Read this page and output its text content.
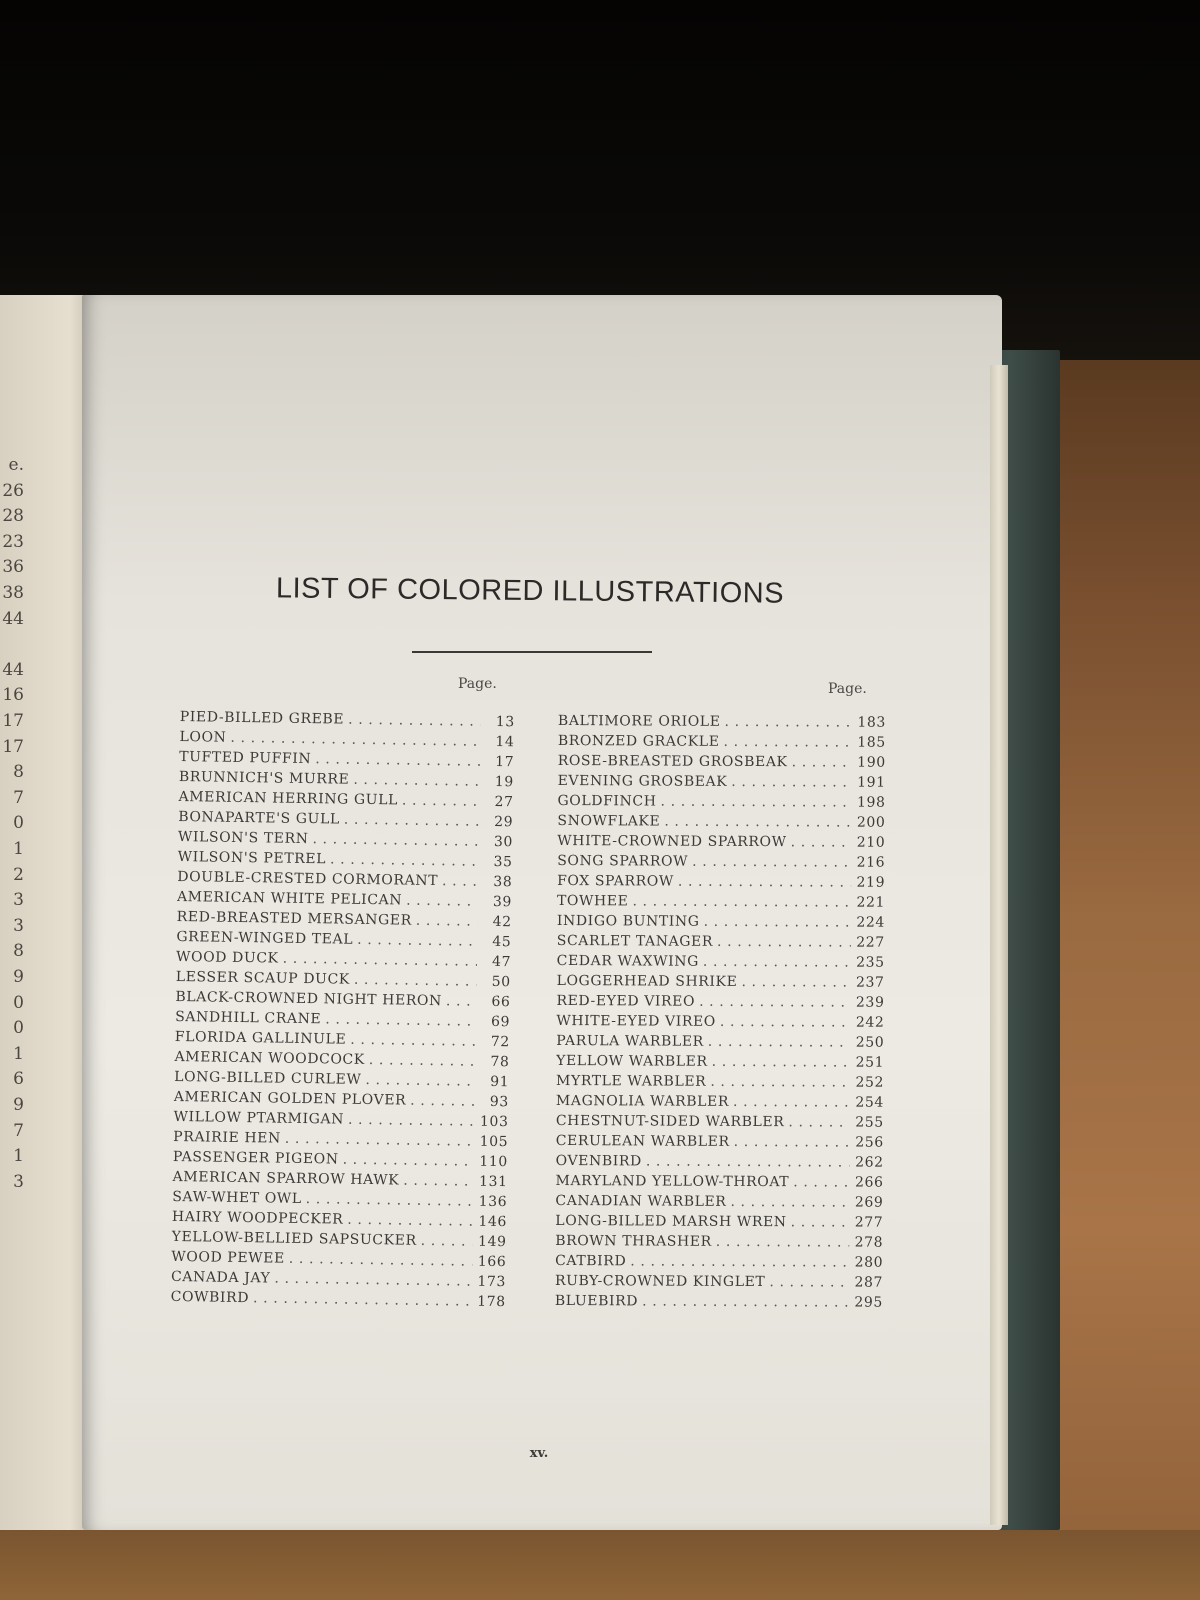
e.
26
28
23
36
38
44
44
16
17
17
8
7
0
1
2
3
3
8
9
0
0
1
6
9
7
1
3
LIST OF COLORED ILLUSTRATIONS
Page.	Page.
PIED-BILLED GREBE . . .	13
LOON . . .	14
TUFTED PUFFIN . . .	17
BRUNNICH'S MURRE . . .	19
AMERICAN HERRING GULL . . .	27
BONAPARTE'S GULL . . .	29
WILSON'S TERN . . .	30
WILSON'S PETREL . . .	35
DOUBLE-CRESTED CORMORANT . . .	38
AMERICAN WHITE PELICAN . . .	39
RED-BREASTED MERSANGER . . .	42
GREEN-WINGED TEAL . . .	45
WOOD DUCK . . .	47
LESSER SCAUP DUCK . . .	50
BLACK-CROWNED NIGHT HERON . . .	66
SANDHILL CRANE . . .	69
FLORIDA GALLINULE . . .	72
AMERICAN WOODCOCK . . .	78
LONG-BILLED CURLEW . . .	91
AMERICAN GOLDEN PLOVER . . .	93
WILLOW PTARMIGAN . . .	103
PRAIRIE HEN . . .	105
PASSENGER PIGEON . . .	110
AMERICAN SPARROW HAWK . . .	131
SAW-WHET OWL . . .	136
HAIRY WOODPECKER . . .	146
YELLOW-BELLIED SAPSUCKER . . .	149
WOOD PEWEE . . .	166
CANADA JAY . . .	173
COWBIRD . . .	178
BALTIMORE ORIOLE . . .	183
BRONZED GRACKLE . . .	185
ROSE-BREASTED GROSBEAK . . .	190
EVENING GROSBEAK . . .	191
GOLDFINCH . . .	198
SNOWFLAKE . . .	200
WHITE-CROWNED SPARROW . . .	210
SONG SPARROW . . .	216
FOX SPARROW . . .	219
TOWHEE . . .	221
INDIGO BUNTING . . .	224
SCARLET TANAGER . . .	227
CEDAR WAXWING . . .	235
LOGGERHEAD SHRIKE . . .	237
RED-EYED VIREO . . .	239
WHITE-EYED VIREO . . .	242
PARULA WARBLER . . .	250
YELLOW WARBLER . . .	251
MYRTLE WARBLER . . .	252
MAGNOLIA WARBLER . . .	254
CHESTNUT-SIDED WARBLER . . .	255
CERULEAN WARBLER . . .	256
OVENBIRD . . .	262
MARYLAND YELLOW-THROAT . . .	266
CANADIAN WARBLER . . .	269
LONG-BILLED MARSH WREN . . .	277
BROWN THRASHER . . .	278
CATBIRD . . .	280
RUBY-CROWNED KINGLET . . .	287
BLUEBIRD . . .	295
xv.
